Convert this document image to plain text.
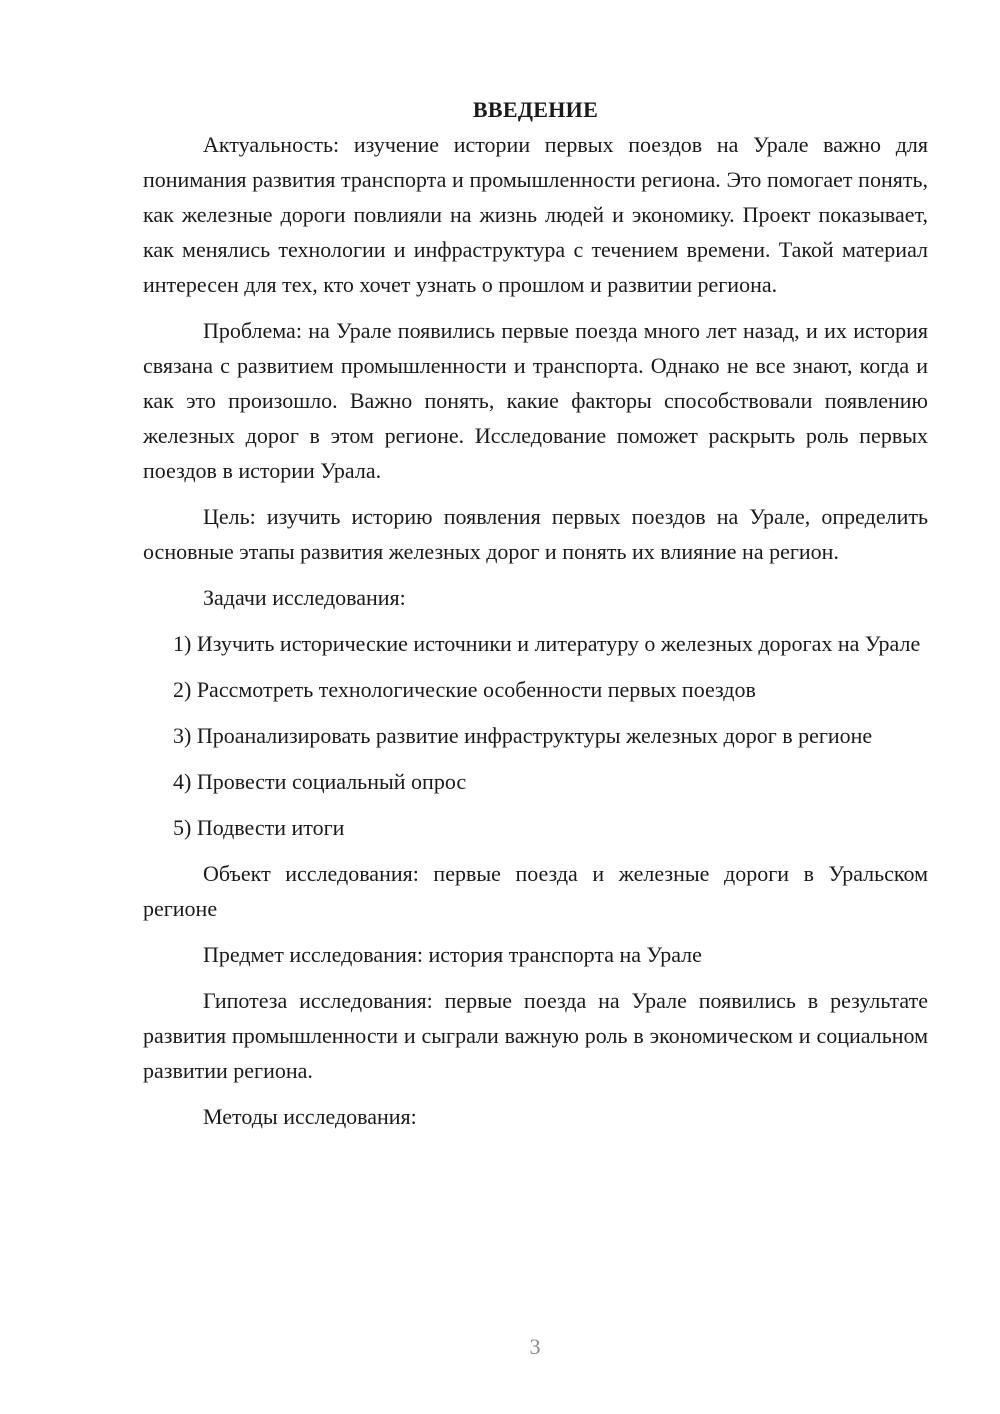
ВВЕДЕНИЕ

Актуальность: изучение истории первых поездов на Урале важно для понимания развития транспорта и промышленности региона. Это помогает понять, как железные дороги повлияли на жизнь людей и экономику. Проект показывает, как менялись технологии и инфраструктура с течением времени. Такой материал интересен для тех, кто хочет узнать о прошлом и развитии региона.

Проблема: на Урале появились первые поезда много лет назад, и их история связана с развитием промышленности и транспорта. Однако не все знают, когда и как это произошло. Важно понять, какие факторы способствовали появлению железных дорог в этом регионе. Исследование поможет раскрыть роль первых поездов в истории Урала.

Цель: изучить историю появления первых поездов на Урале, определить основные этапы развития железных дорог и понять их влияние на регион.

Задачи исследования:

1) Изучить исторические источники и литературу о железных дорогах на Урале

2) Рассмотреть технологические особенности первых поездов

3) Проанализировать развитие инфраструктуры железных дорог в регионе

4) Провести социальный опрос

5) Подвести итоги

Объект исследования: первые поезда и железные дороги в Уральском регионе

Предмет исследования: история транспорта на Урале

Гипотеза исследования: первые поезда на Урале появились в результате развития промышленности и сыграли важную роль в экономическом и социальном развитии региона.

Методы исследования:

3
